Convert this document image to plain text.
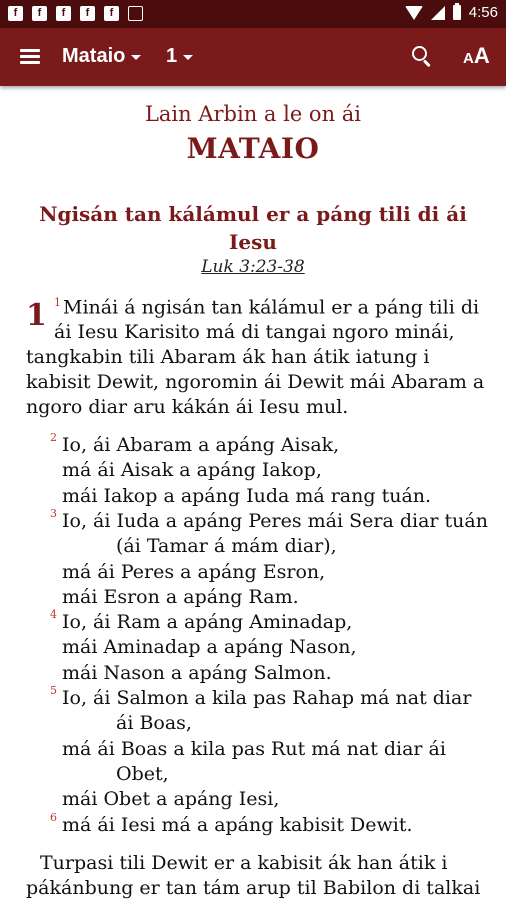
f	f	f	f	f	4:56
Mataio 1	AA
Lain Arbin a le on ái
MATAIO
Ngisán tan kálámul er a páng tili di ái Iesu
Luk 3:23-38
1 $^1$ Minái á ngisán tan kálámul er a páng tili di
ái Iesu Karisito má di tangai ngoro minái,
tangkabin tili Abaram ák han átik iatung i
kabisit Dewit, ngoromin ái Dewit mái Abaram a
ngoro diar aru kákán ái Iesu mul.
2 Io, ái Abaram a apáng Aisak,
má ái Aisak a apáng Iakop,
mái Iakop a apáng Iuda má rang tuán.
3 Io, ái Iuda a apáng Peres mái Sera diar tuán
(ái Tamar á mám diar),
má ái Peres a apáng Esron,
mái Esron a apáng Ram.
4 Io, ái Ram a apáng Aminadap,
mái Aminadap a apáng Nason,
mái Nason a apáng Salmon.
5 Io, ái Salmon a kila pas Rahap má nat diar
ái Boas,
má ái Boas a kila pas Rut má nat diar ái
Obet,
mái Obet a apáng Iesi,
6 má ái Iesi má a apáng kabisit Dewit.
Turpasi tili Dewit er a kabisit ák han átik i
pákánbung er tan tám arup til Babilon di talkai
